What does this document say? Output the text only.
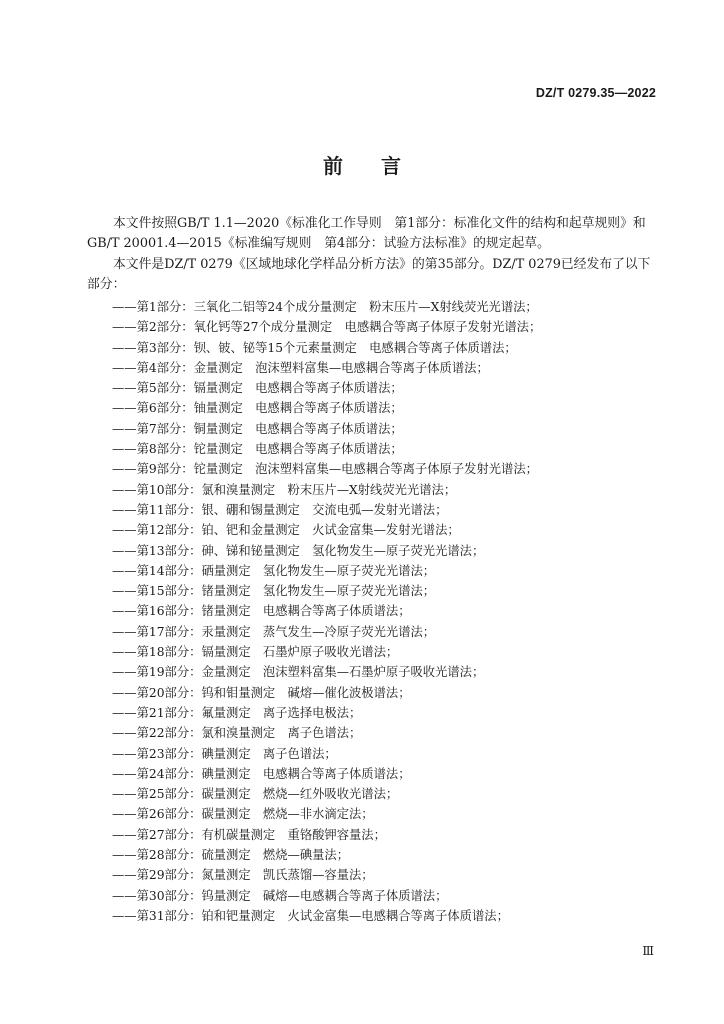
DZ/T 0279.35—2022
前言

本文件按照GB/T 1.1—2020《标准化工作导则　第1部分：标准化文件的结构和起草规则》和GB/T 20001.4—2015《标准编写规则　第4部分：试验方法标准》的规定起草。

本文件是DZ/T 0279《区域地球化学样品分析方法》的第35部分。DZ/T 0279已经发布了以下部分：

——第1部分：三氧化二铝等24个成分量测定　粉末压片—X射线荧光光谱法；
——第2部分：氧化钙等27个成分量测定　电感耦合等离子体原子发射光谱法；
——第3部分：钡、铍、铋等15个元素量测定　电感耦合等离子体质谱法；
——第4部分：金量测定　泡沫塑料富集—电感耦合等离子体质谱法；
——第5部分：镉量测定　电感耦合等离子体质谱法；
——第6部分：铀量测定　电感耦合等离子体质谱法；
——第7部分：铜量测定　电感耦合等离子体质谱法；
——第8部分：铊量测定　电感耦合等离子体质谱法；
——第9部分：铊量测定　泡沫塑料富集—电感耦合等离子体原子发射光谱法；
——第10部分：氯和溴量测定　粉末压片—X射线荧光光谱法；
——第11部分：银、硼和锡量测定　交流电弧—发射光谱法；
——第12部分：铂、钯和金量测定　火试金富集—发射光谱法；
——第13部分：砷、锑和铋量测定　氢化物发生—原子荧光光谱法；
——第14部分：硒量测定　氢化物发生—原子荧光光谱法；
——第15部分：锗量测定　氢化物发生—原子荧光光谱法；
——第16部分：锗量测定　电感耦合等离子体质谱法；
——第17部分：汞量测定　蒸气发生—冷原子荧光光谱法；
——第18部分：镉量测定　石墨炉原子吸收光谱法；
——第19部分：金量测定　泡沫塑料富集—石墨炉原子吸收光谱法；
——第20部分：钨和钼量测定　碱熔—催化波极谱法；
——第21部分：氟量测定　离子选择电极法；
——第22部分：氯和溴量测定　离子色谱法；
——第23部分：碘量测定　离子色谱法；
——第24部分：碘量测定　电感耦合等离子体质谱法；
——第25部分：碳量测定　燃烧—红外吸收光谱法；
——第26部分：碳量测定　燃烧—非水滴定法；
——第27部分：有机碳量测定　重铬酸钾容量法；
——第28部分：硫量测定　燃烧—碘量法；
——第29部分：氮量测定　凯氏蒸馏—容量法；
——第30部分：钨量测定　碱熔—电感耦合等离子体质谱法；
——第31部分：铂和钯量测定　火试金富集—电感耦合等离子体质谱法；
Ⅲ
